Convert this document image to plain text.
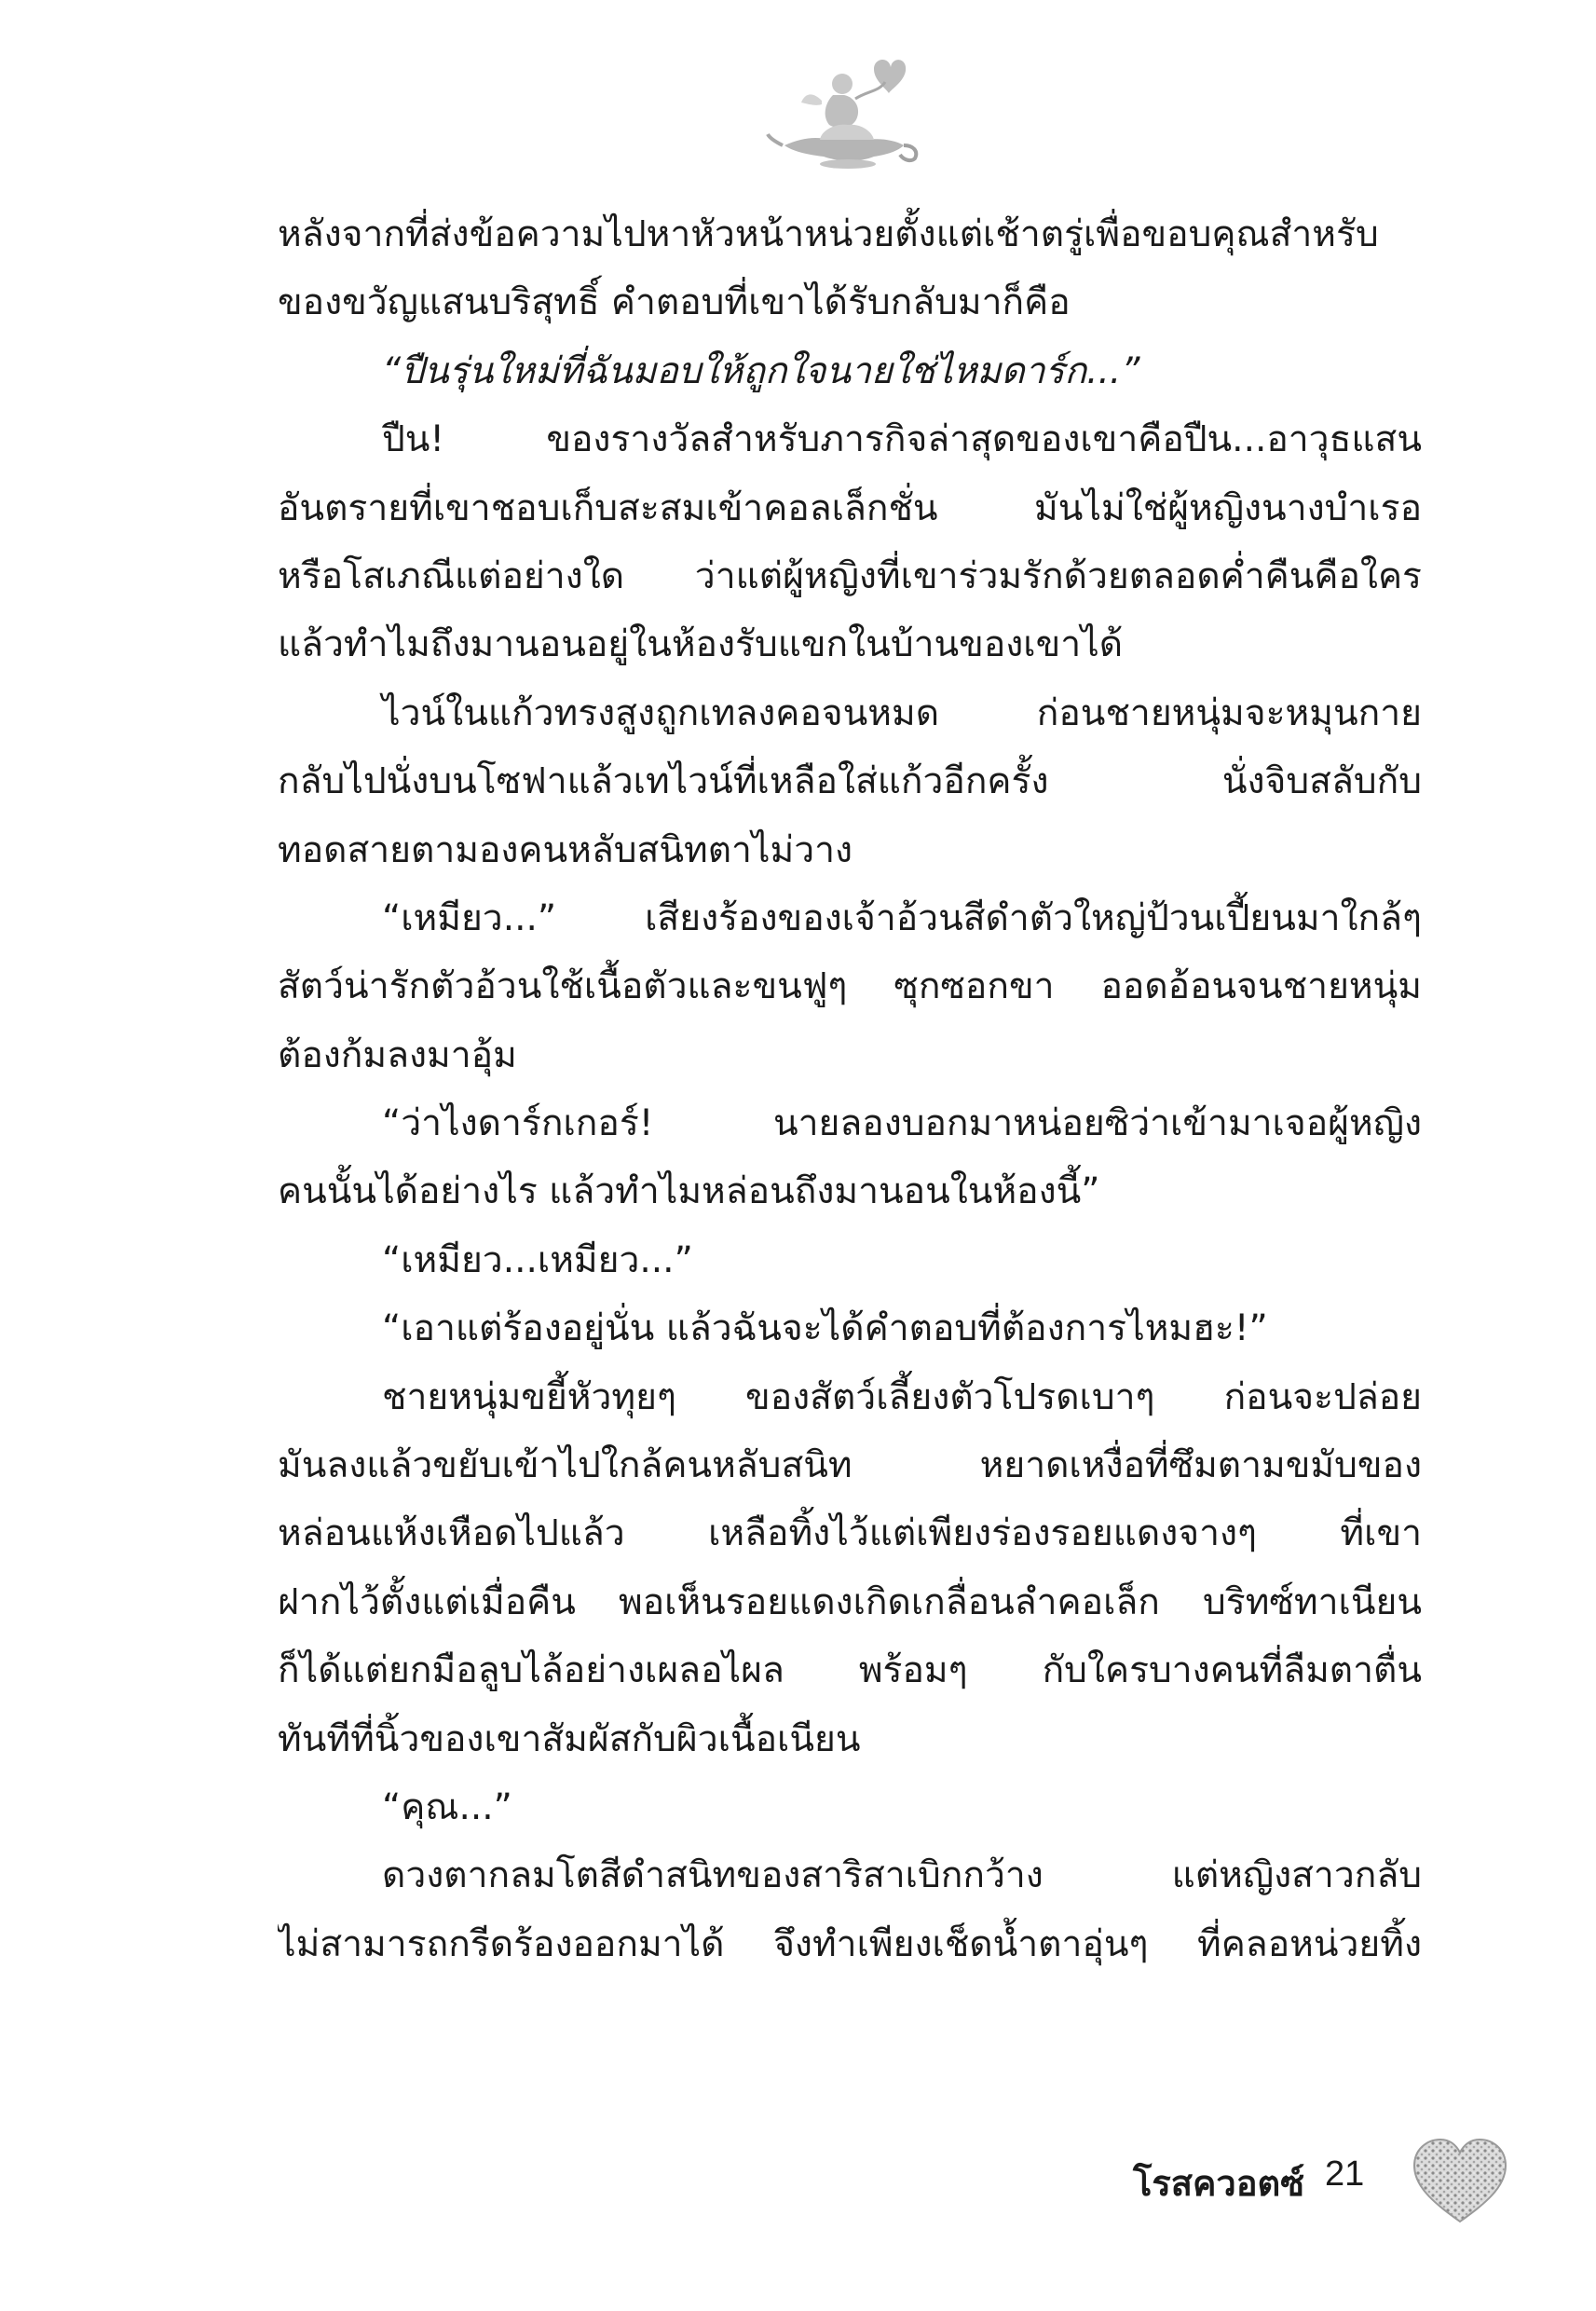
หลังจากที่ส่งข้อความไปหาหัวหน้าหน่วยตั้งแต่เช้าตรู่เพื่อขอบคุณสำหรับ
ของขวัญแสนบริสุทธิ์ คำตอบที่เขาได้รับกลับมาก็คือ
“ปืนรุ่นใหม่ที่ฉันมอบให้ถูกใจนายใช่ไหมดาร์ก...”
ปืน! ของรางวัลสำหรับภารกิจล่าสุดของเขาคือปืน...อาวุธแสน
อันตรายที่เขาชอบเก็บสะสมเข้าคอลเล็กชั่น มันไม่ใช่ผู้หญิงนางบำเรอ
หรือโสเภณีแต่อย่างใด ว่าแต่ผู้หญิงที่เขาร่วมรักด้วยตลอดค่ำคืนคือใคร
แล้วทำไมถึงมานอนอยู่ในห้องรับแขกในบ้านของเขาได้
ไวน์ในแก้วทรงสูงถูกเทลงคอจนหมด ก่อนชายหนุ่มจะหมุนกาย
กลับไปนั่งบนโซฟาแล้วเทไวน์ที่เหลือใส่แก้วอีกครั้ง นั่งจิบสลับกับ
ทอดสายตามองคนหลับสนิทตาไม่วาง
“เหมียว...” เสียงร้องของเจ้าอ้วนสีดำตัวใหญ่ป้วนเปี้ยนมาใกล้ๆ
สัตว์น่ารักตัวอ้วนใช้เนื้อตัวและขนฟูๆ ซุกซอกขา ออดอ้อนจนชายหนุ่ม
ต้องก้มลงมาอุ้ม
“ว่าไงดาร์กเกอร์! นายลองบอกมาหน่อยซิว่าเข้ามาเจอผู้หญิง
คนนั้นได้อย่างไร แล้วทำไมหล่อนถึงมานอนในห้องนี้”
“เหมียว...เหมียว...”
“เอาแต่ร้องอยู่นั่น แล้วฉันจะได้คำตอบที่ต้องการไหมฮะ!”
ชายหนุ่มขยี้หัวทุยๆ ของสัตว์เลี้ยงตัวโปรดเบาๆ ก่อนจะปล่อย
มันลงแล้วขยับเข้าไปใกล้คนหลับสนิท หยาดเหงื่อที่ซึมตามขมับของ
หล่อนแห้งเหือดไปแล้ว เหลือทิ้งไว้แต่เพียงร่องรอยแดงจางๆ ที่เขา
ฝากไว้ตั้งแต่เมื่อคืน พอเห็นรอยแดงเกิดเกลื่อนลำคอเล็ก บริทซ์ทาเนียน
ก็ได้แต่ยกมือลูบไล้อย่างเผลอไผล พร้อมๆ กับใครบางคนที่ลืมตาตื่น
ทันทีที่นิ้วของเขาสัมผัสกับผิวเนื้อเนียน
“คุณ...”
ดวงตากลมโตสีดำสนิทของสาริสาเบิกกว้าง แต่หญิงสาวกลับ
ไม่สามารถกรีดร้องออกมาได้ จึงทำเพียงเช็ดน้ำตาอุ่นๆ ที่คลอหน่วยทิ้ง
โรสควอตซ์ 21
